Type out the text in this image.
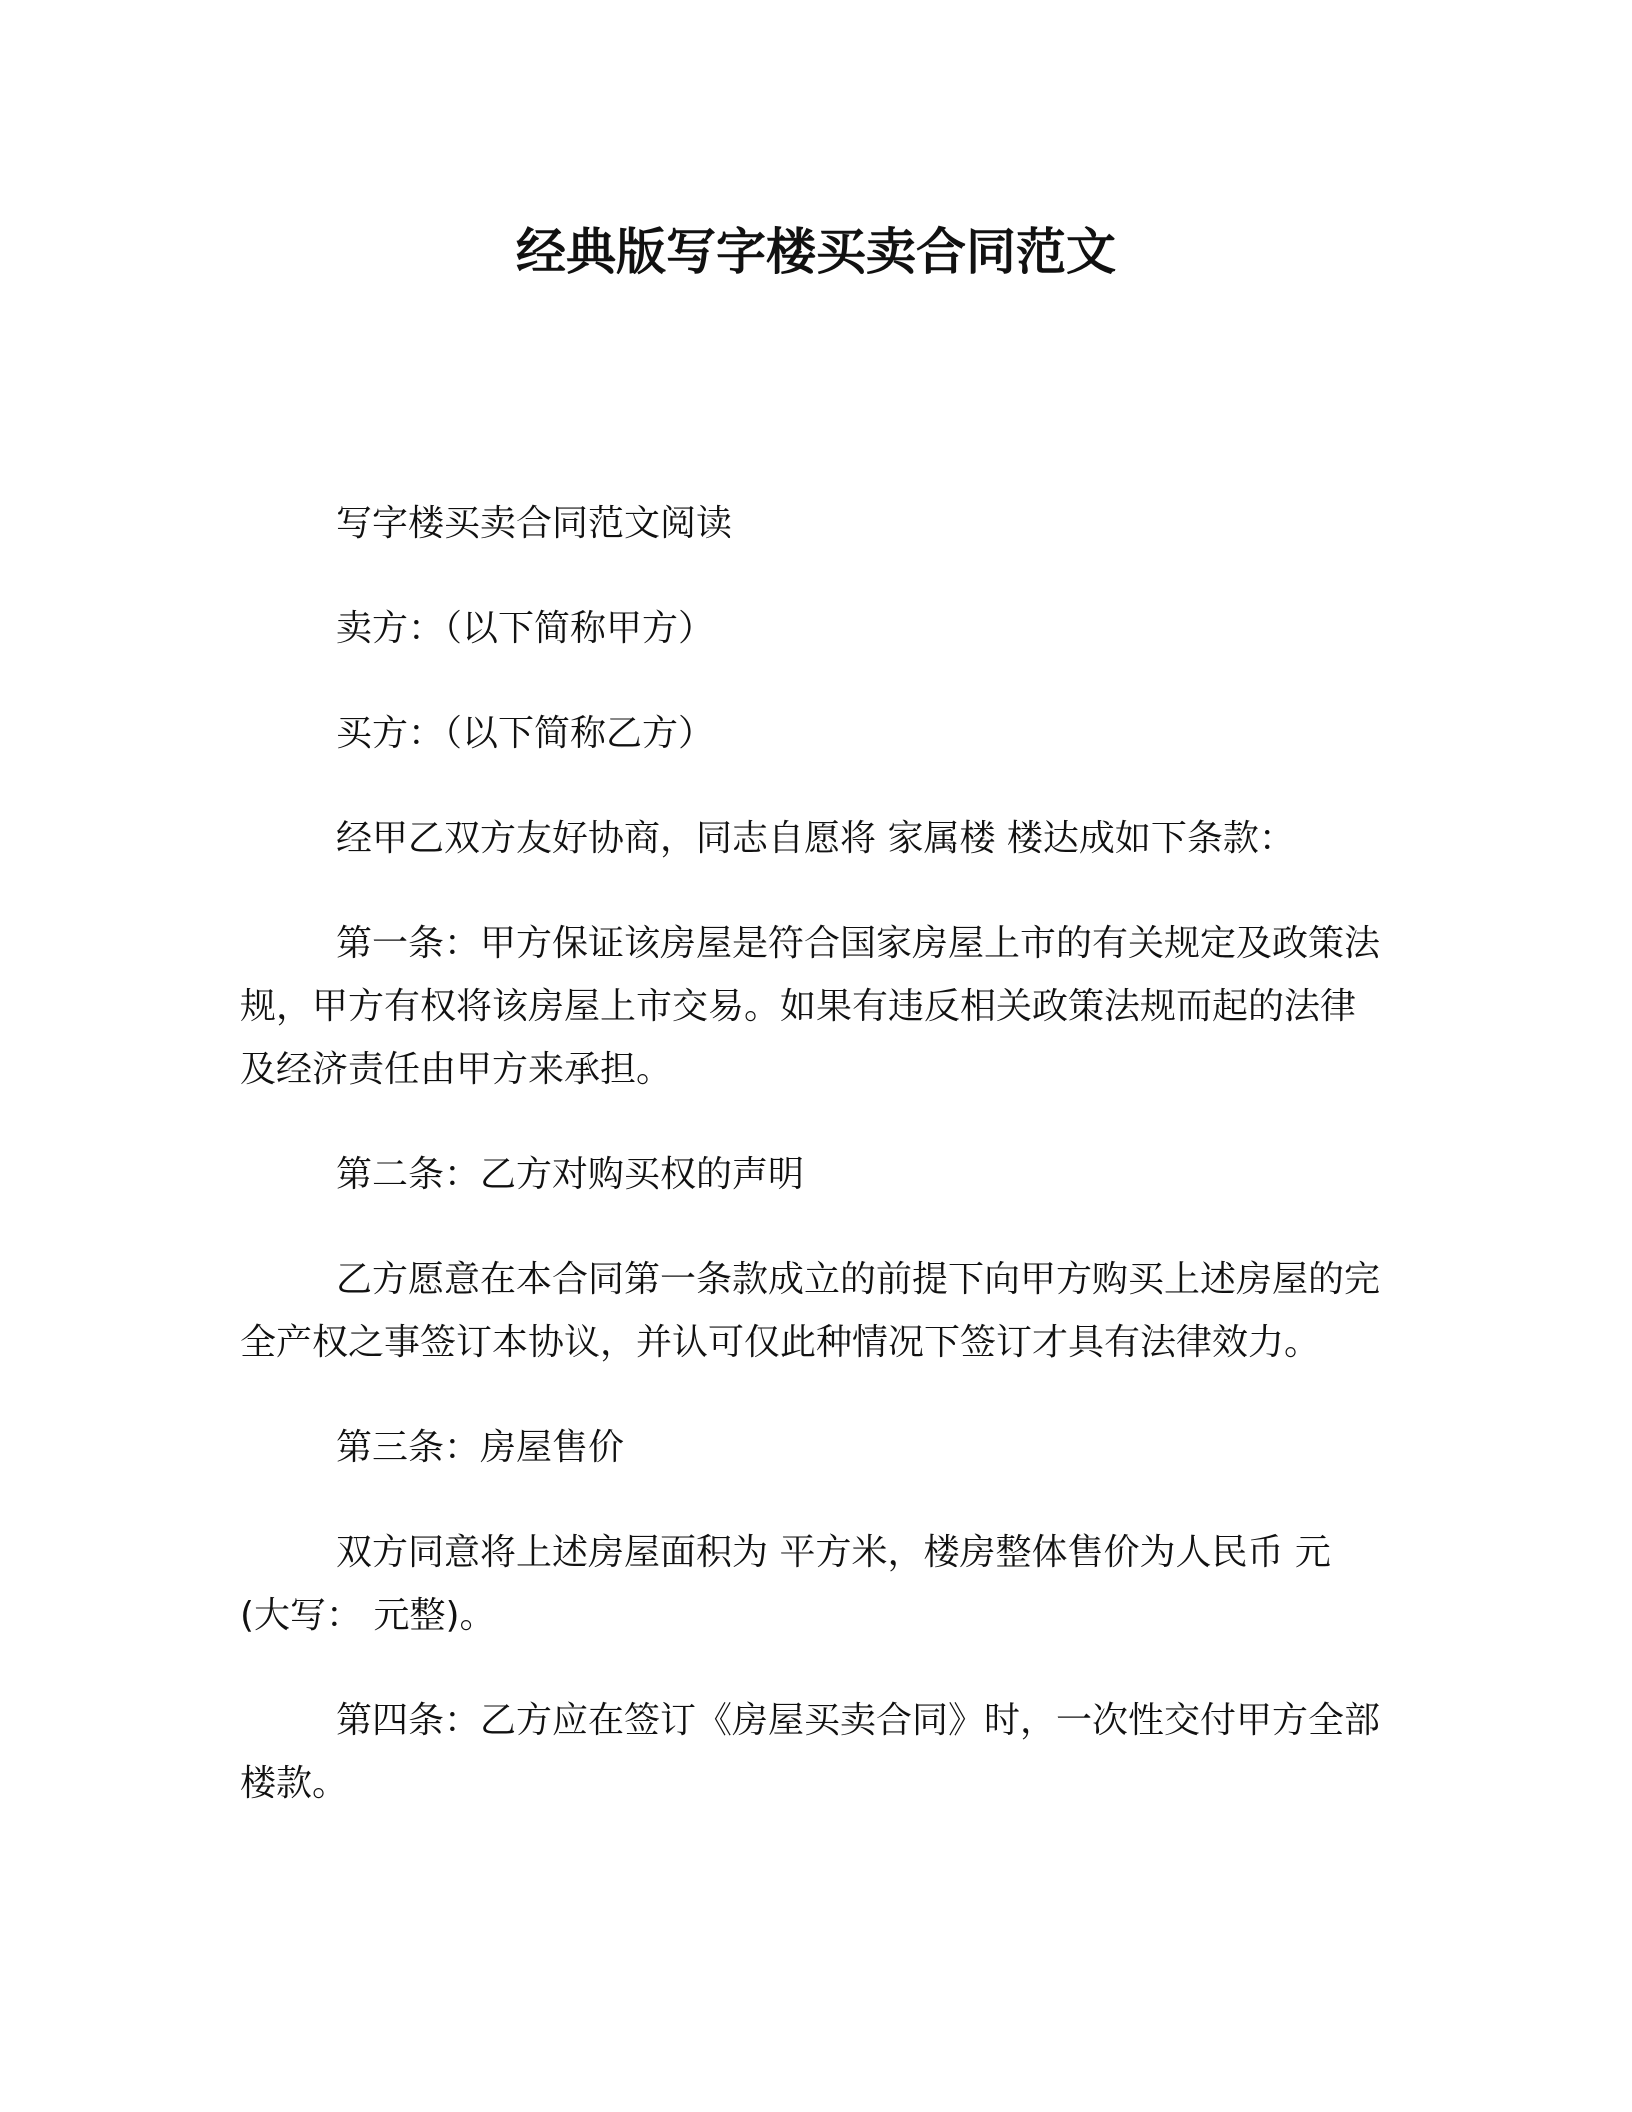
经典版写字楼买卖合同范文

写字楼买卖合同范文阅读

卖方：（以下简称甲方）

买方：（以下简称乙方）

经甲乙双方友好协商，同志自愿将 家属楼 楼达成如下条款：

第一条：甲方保证该房屋是符合国家房屋上市的有关规定及政策法规，甲方有权将该房屋上市交易。如果有违反相关政策法规而起的法律及经济责任由甲方来承担。

第二条：乙方对购买权的声明

乙方愿意在本合同第一条款成立的前提下向甲方购买上述房屋的完全产权之事签订本协议，并认可仅此种情况下签订才具有法律效力。

第三条：房屋售价

双方同意将上述房屋面积为 平方米，楼房整体售价为人民币 元(大写： 元整)。

第四条：乙方应在签订《房屋买卖合同》时，一次性交付甲方全部楼款。
